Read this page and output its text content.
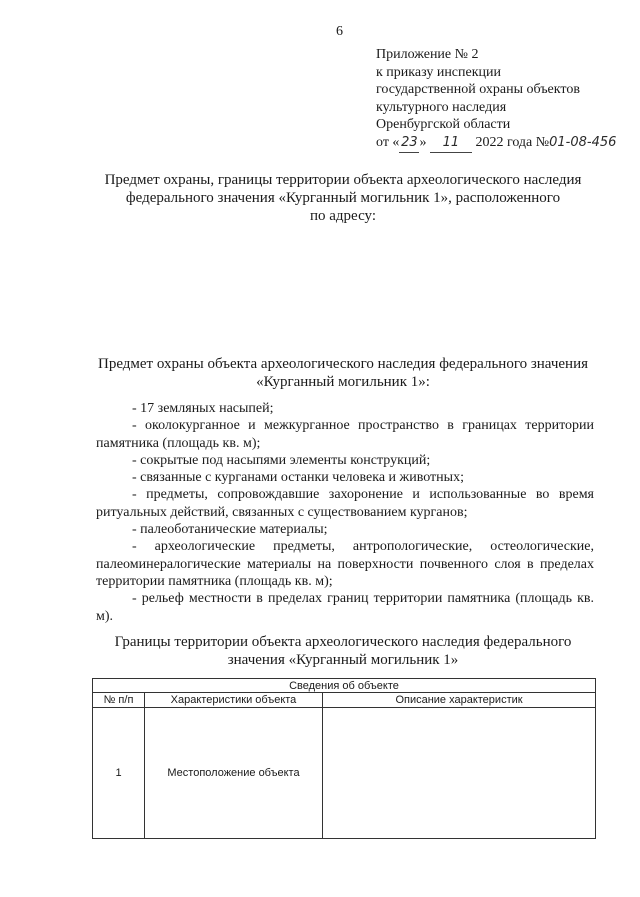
6
Приложение № 2
к приказу инспекции
государственной охраны объектов
культурного наследия
Оренбургской области
от « 23 » 11 2022 года №01-08-456
Предмет охраны, границы территории объекта археологического наследия
федерального значения «Курганный могильник 1», расположенного
по адресу:
Предмет охраны объекта археологического наследия федерального значения
«Курганный могильник 1»:

- 17 земляных насыпей;

- околокурганное и межкурганное пространство в границах территории памятника (площадь кв. м);

- сокрытые под насыпями элементы конструкций;

- связанные с курганами останки человека и животных;

- предметы, сопровождавшие захоронение и использованные во время ритуальных действий, связанных с существованием курганов;

- палеоботанические материалы;

- археологические предметы, антропологические, остеологические, палеоминералогические материалы на поверхности почвенного слоя в пределах территории памятника (площадь кв. м);

- рельеф местности в пределах границ территории памятника (площадь кв. м).

Границы территории объекта археологического наследия федерального
значения «Курганный могильник 1»
Сведения об объекте		
№ п/п	Характеристики объекта	Описание характеристик
1	Местоположение объекта	
